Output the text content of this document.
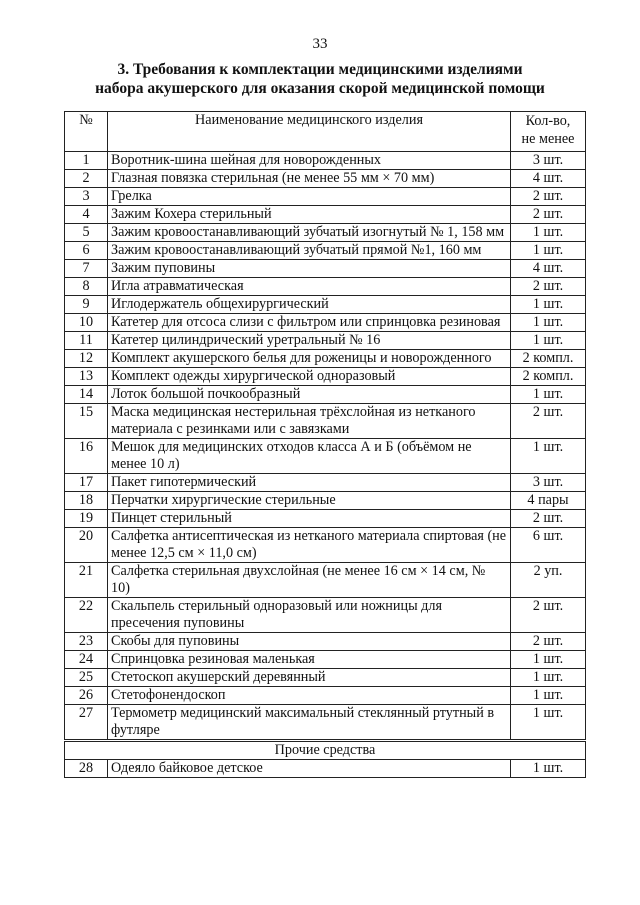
33
3. Требования к комплектации медицинскими изделиями
набора акушерского для оказания скорой медицинской помощи
№	Наименование медицинского изделия	Кол-во,
не менее

1	Воротник-шина шейная для новорожденных	3 шт.
2	Глазная повязка стерильная (не менее 55 мм × 70 мм)	4 шт.
3	Грелка	2 шт.
4	Зажим Кохера стерильный	2 шт.
5	Зажим кровоостанавливающий зубчатый изогнутый № 1, 158 мм	1 шт.
6	Зажим кровоостанавливающий зубчатый прямой №1, 160 мм	1 шт.
7	Зажим пуповины	4 шт.
8	Игла атравматическая	2 шт.
9	Иглодержатель общехирургический	1 шт.
10	Катетер для отсоса слизи с фильтром или спринцовка резиновая	1 шт.
11	Катетер цилиндрический уретральный № 16	1 шт.
12	Комплект акушерского белья для роженицы и новорожденного	2 компл.
13	Комплект одежды хирургической одноразовый	2 компл.
14	Лоток большой почкообразный	1 шт.
15	Маска медицинская нестерильная трёхслойная из нетканого материала с резинками или с завязками	2 шт.
16	Мешок для медицинских отходов класса А и Б (объёмом не менее 10 л)	1 шт.
17	Пакет гипотермический	3 шт.
18	Перчатки хирургические стерильные	4 пары
19	Пинцет стерильный	2 шт.
20	Салфетка антисептическая из нетканого материала спиртовая (не менее 12,5 см × 11,0 см)	6 шт.
21	Салфетка стерильная двухслойная (не менее 16 см × 14 см, № 10)	2 уп.
22	Скальпель стерильный одноразовый или ножницы для пресечения пуповины	2 шт.
23	Скобы для пуповины	2 шт.
24	Спринцовка резиновая маленькая	1 шт.
25	Стетоскоп акушерский деревянный	1 шт.
26	Стетофонендоскоп	1 шт.
27	Термометр медицинский максимальный стеклянный ртутный в футляре	1 шт.
Прочие средства		
28	Одеяло байковое детское	1 шт.
